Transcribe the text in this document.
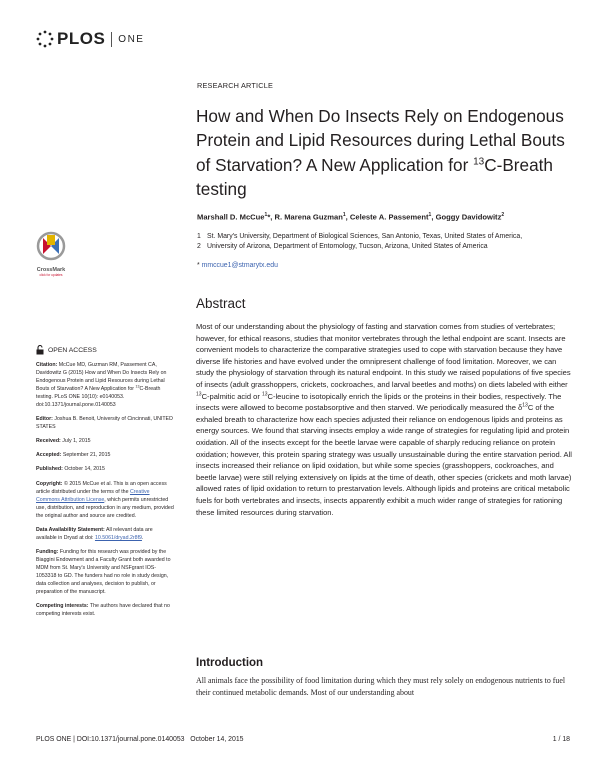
PLOS ONE
RESEARCH ARTICLE
How and When Do Insects Rely on Endogenous Protein and Lipid Resources during Lethal Bouts of Starvation? A New Application for $^{13}$C-Breath testing
Marshall D. McCue$^1$*, R. Marena Guzman$^1$, Celeste A. Passement$^1$, Goggy Davidowitz$^2$
1 St. Mary's University, Department of Biological Sciences, San Antonio, Texas, United States of America,
2 University of Arizona, Department of Entomology, Tucson, Arizona, United States of America
* mmccue1@stmarytx.edu
Abstract

Most of our understanding about the physiology of fasting and starvation comes from studies of vertebrates; however, for ethical reasons, studies that monitor vertebrates through the lethal endpoint are scant. Insects are convenient models to characterize the comparative strategies used to cope with starvation because they have diverse life histories and have evolved under the omnipresent challenge of food limitation. Moreover, we can study the physiology of starvation through its natural endpoint. In this study we raised populations of five species of insects (adult grasshoppers, crickets, cockroaches, and larval beetles and moths) on diets labeled with either $^{13}$C-palmitic acid or $^{13}$C-leucine to isotopically enrich the lipids or the proteins in their bodies, respectively. The insects were allowed to become postabsorptive and then starved. We periodically measured the $\delta^{13}C$ of the exhaled breath to characterize how each species adjusted their reliance on endogenous lipids and proteins as energy sources. We found that starving insects employ a wide range of strategies for regulating lipid and protein oxidation. All of the insects except for the beetle larvae were capable of sharply reducing reliance on protein oxidation; however, this protein sparing strategy was usually unsustainable during the entire starvation period. All insects increased their reliance on lipid oxidation, but while some species (grasshoppers, cockroaches, and beetle larvae) were still relying extensively on lipids at the time of death, other species (crickets and moth larvae) allowed rates of lipid oxidation to return to prestarvation levels. Although lipids and proteins are critical metabolic fuels for both vertebrates and insects, insects apparently exhibit a much wider range of strategies for rationing these limited resources during starvation.

Introduction

All animals face the possibility of food limitation during which they must rely solely on endogenous nutrients to fuel their continued metabolic demands. Most of our understanding about

CrossMark
click for updates
OPEN ACCESS

Citation: McCue MD, Guzman RM, Passement CA, Davidowitz G (2015) How and When Do Insects Rely on Endogenous Protein and Lipid Resources during Lethal Bouts of Starvation? A New Application for $^{13}$C-Breath testing. PLoS ONE 10(10): e0140053. doi:10.1371/journal.pone.0140053

Editor: Joshua B. Benoit, University of Cincinnati, UNITED STATES

Received: July 1, 2015

Accepted: September 21, 2015

Published: October 14, 2015

Copyright: © 2015 McCue et al. This is an open access article distributed under the terms of the Creative Commons Attribution License, which permits unrestricted use, distribution, and reproduction in any medium, provided the original author and source are credited.

Data Availability Statement: All relevant data are available in Dryad at doi: 10.5061/dryad.2r8f9.

Funding: Funding for this research was provided by the Biaggini Endowment and a Faculty Grant both awarded to MDM from St. Mary's University and NSFgrant IOS-1053318 to GD. The funders had no role in study design, data collection and analyses, decision to publish, or preparation of the manuscript.

Competing interests: The authors have declared that no competing interests exist.

PLOS ONE | DOI:10.1371/journal.pone.0140053   October 14, 2015	1 / 18
